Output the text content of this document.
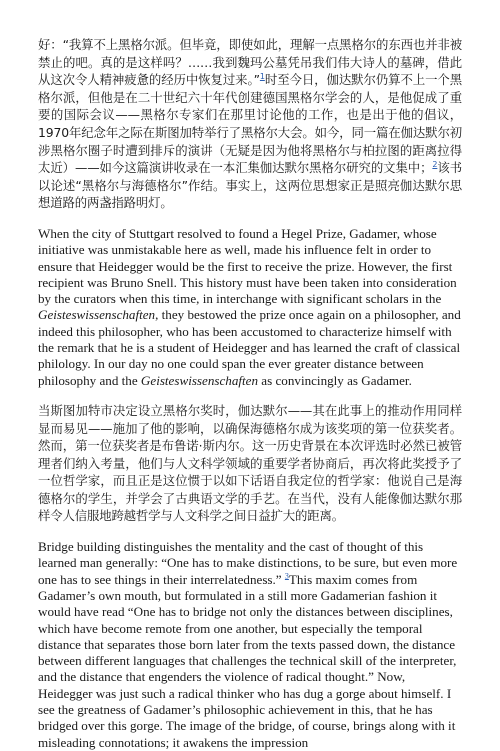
好：“我算不上黑格尔派。但毕竟，即使如此，理解一点黑格尔的东西也并非被禁止的吧。真的是这样吗？……我到魏玛公墓凭吊我们伟大诗人的墓碑，借此从这次令人精神疲惫的经历中恢复过来。”$^1$时至今日，伽达默尔仍算不上一个黑格尔派，但他是在二十世纪六十年代创建德国黑格尔学会的人，是他促成了重要的国际会议——黑格尔专家们在那里讨论他的工作，也是出于他的倡议，1970年纪念年之际在斯图加特举行了黑格尔大会。如今，同一篇在伽达默尔初涉黑格尔圈子时遭到排斥的演讲（无疑是因为他将黑格尔与柏拉图的距离拉得太近）——如今这篇演讲收录在一本汇集伽达默尔黑格尔研究的文集中；$^2$该书以论述“黑格尔与海德格尔”作结。事实上，这两位思想家正是照亮伽达默尔思想道路的两盏指路明灯。

When the city of Stuttgart resolved to found a Hegel Prize, Gadamer, whose initiative was unmistakable here as well, made his influence felt in order to ensure that Heidegger would be the first to receive the prize. However, the first recipient was Bruno Snell. This history must have been taken into consideration by the curators when this time, in interchange with significant scholars in the Geisteswissenschaften, they bestowed the prize once again on a philosopher, and indeed this philosopher, who has been accustomed to characterize himself with the remark that he is a student of Heidegger and has learned the craft of classical philology. In our day no one could span the ever greater distance between philosophy and the Geisteswissenschaften as convincingly as Gadamer.

当斯图加特市决定设立黑格尔奖时，伽达默尔——其在此事上的推动作用同样显而易见——施加了他的影响，以确保海德格尔成为该奖项的第一位获奖者。然而，第一位获奖者是布鲁诺·斯内尔。这一历史背景在本次评选时必然已被管理者们纳入考量，他们与人文科学领域的重要学者协商后，再次将此奖授予了一位哲学家，而且正是这位惯于以如下话语自我定位的哲学家：他说自己是海德格尔的学生，并学会了古典语文学的手艺。在当代，没有人能像伽达默尔那样令人信服地跨越哲学与人文科学之间日益扩大的距离。

Bridge building distinguishes the mentality and the cast of thought of this learned man generally: “One has to make distinctions, to be sure, but even more one has to see things in their interrelatedness.” $^3$This maxim comes from Gadamer’s own mouth, but formulated in a still more Gadamerian fashion it would have read “One has to bridge not only the distances between disciplines, which have become remote from one another, but especially the temporal distance that separates those born later from the texts passed down, the distance between different languages that challenges the technical skill of the interpreter, and the distance that engenders the violence of radical thought.” Now, Heidegger was just such a radical thinker who has dug a gorge about himself. I see the greatness of Gadamer’s philosophic achievement in this, that he has bridged over this gorge. The image of the bridge, of course, brings along with it misleading connotations; it awakens the impression
